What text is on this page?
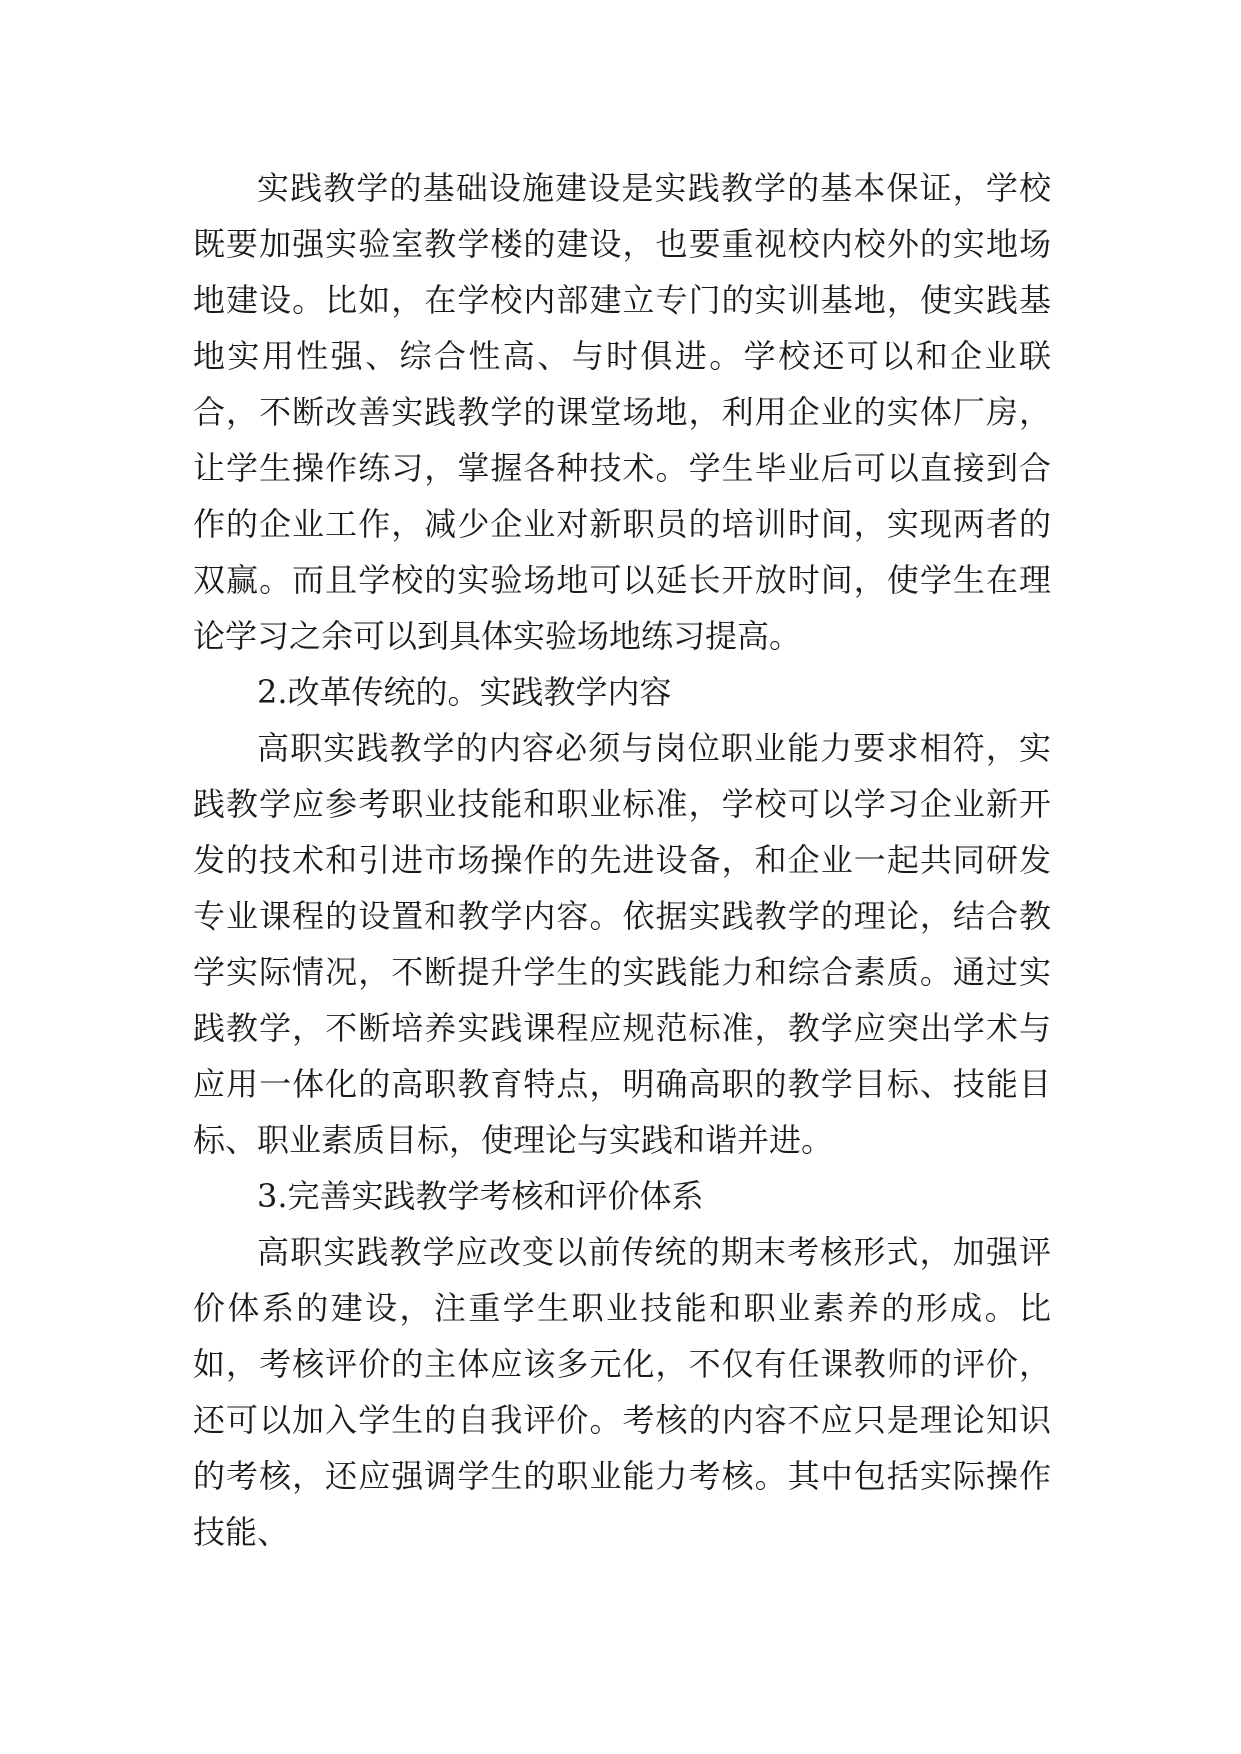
实践教学的基础设施建设是实践教学的基本保证，学校既要加强实验室教学楼的建设，也要重视校内校外的实地场地建设。比如，在学校内部建立专门的实训基地，使实践基地实用性强、综合性高、与时俱进。学校还可以和企业联合，不断改善实践教学的课堂场地，利用企业的实体厂房，让学生操作练习，掌握各种技术。学生毕业后可以直接到合作的企业工作，减少企业对新职员的培训时间，实现两者的双赢。而且学校的实验场地可以延长开放时间，使学生在理论学习之余可以到具体实验场地练习提高。

2.改革传统的。实践教学内容

高职实践教学的内容必须与岗位职业能力要求相符，实践教学应参考职业技能和职业标准，学校可以学习企业新开发的技术和引进市场操作的先进设备，和企业一起共同研发专业课程的设置和教学内容。依据实践教学的理论，结合教学实际情况，不断提升学生的实践能力和综合素质。通过实践教学，不断培养实践课程应规范标准，教学应突出学术与应用一体化的高职教育特点，明确高职的教学目标、技能目标、职业素质目标，使理论与实践和谐并进。

3.完善实践教学考核和评价体系

高职实践教学应改变以前传统的期末考核形式，加强评价体系的建设，注重学生职业技能和职业素养的形成。比如，考核评价的主体应该多元化，不仅有任课教师的评价，还可以加入学生的自我评价。考核的内容不应只是理论知识的考核，还应强调学生的职业能力考核。其中包括实际操作技能、
